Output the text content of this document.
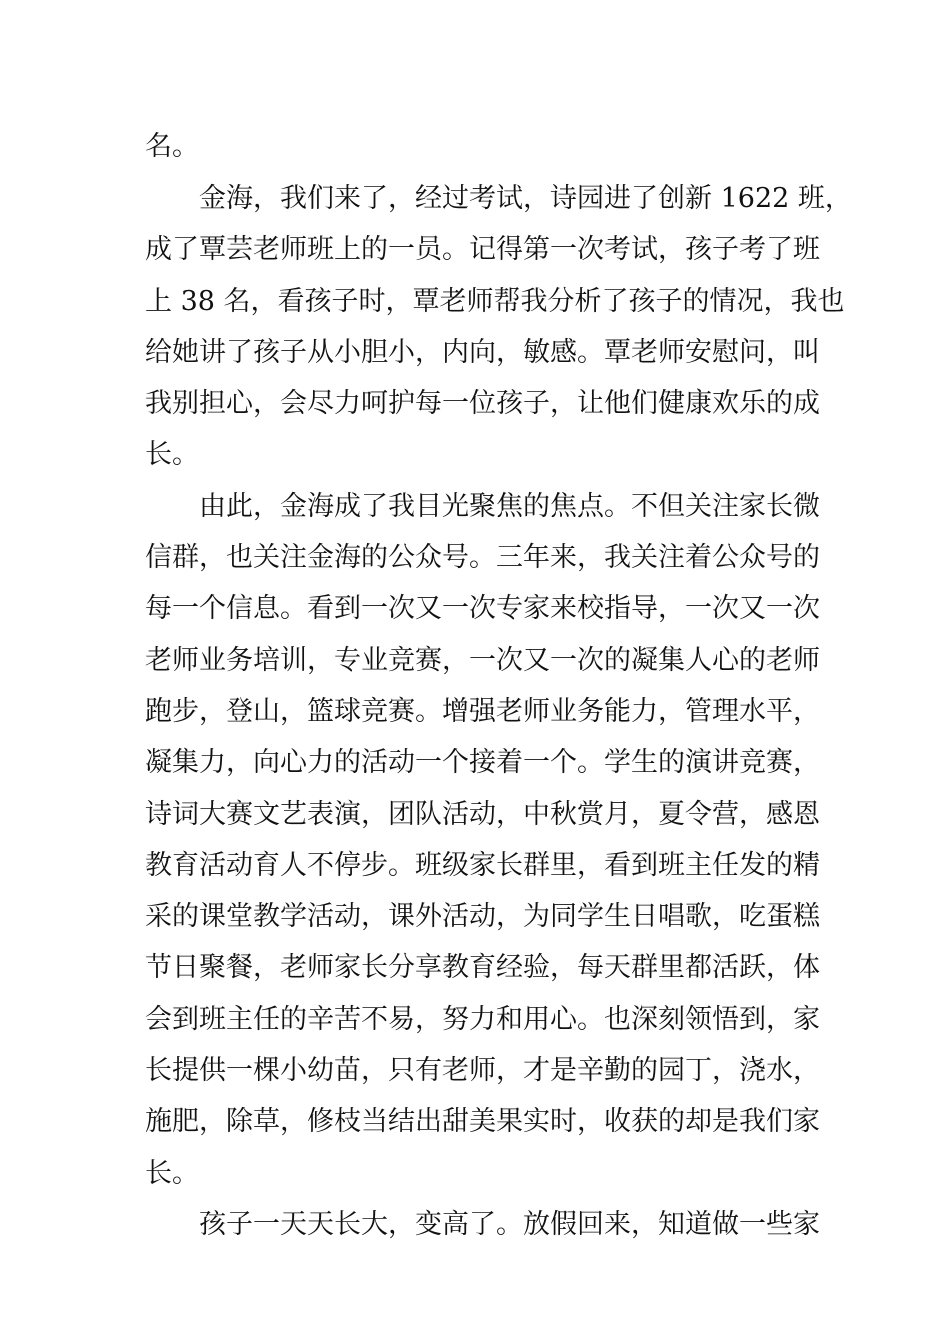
名。
金海，我们来了，经过考试，诗园进了创新 1622 班，
成了覃芸老师班上的一员。记得第一次考试，孩子考了班
上 38 名，看孩子时，覃老师帮我分析了孩子的情况，我也
给她讲了孩子从小胆小，内向，敏感。覃老师安慰问，叫
我别担心，会尽力呵护每一位孩子，让他们健康欢乐的成
长。
由此，金海成了我目光聚焦的焦点。不但关注家长微
信群，也关注金海的公众号。三年来，我关注着公众号的
每一个信息。看到一次又一次专家来校指导，一次又一次
老师业务培训，专业竞赛，一次又一次的凝集人心的老师
跑步，登山，篮球竞赛。增强老师业务能力，管理水平，
凝集力，向心力的活动一个接着一个。学生的演讲竞赛，
诗词大赛文艺表演，团队活动，中秋赏月，夏令营，感恩
教育活动育人不停步。班级家长群里，看到班主任发的精
采的课堂教学活动，课外活动，为同学生日唱歌，吃蛋糕
节日聚餐，老师家长分享教育经验，每天群里都活跃，体
会到班主任的辛苦不易，努力和用心。也深刻领悟到，家
长提供一棵小幼苗，只有老师，才是辛勤的园丁，浇水，
施肥，除草，修枝当结出甜美果实时，收获的却是我们家
长。
孩子一天天长大，变高了。放假回来，知道做一些家
